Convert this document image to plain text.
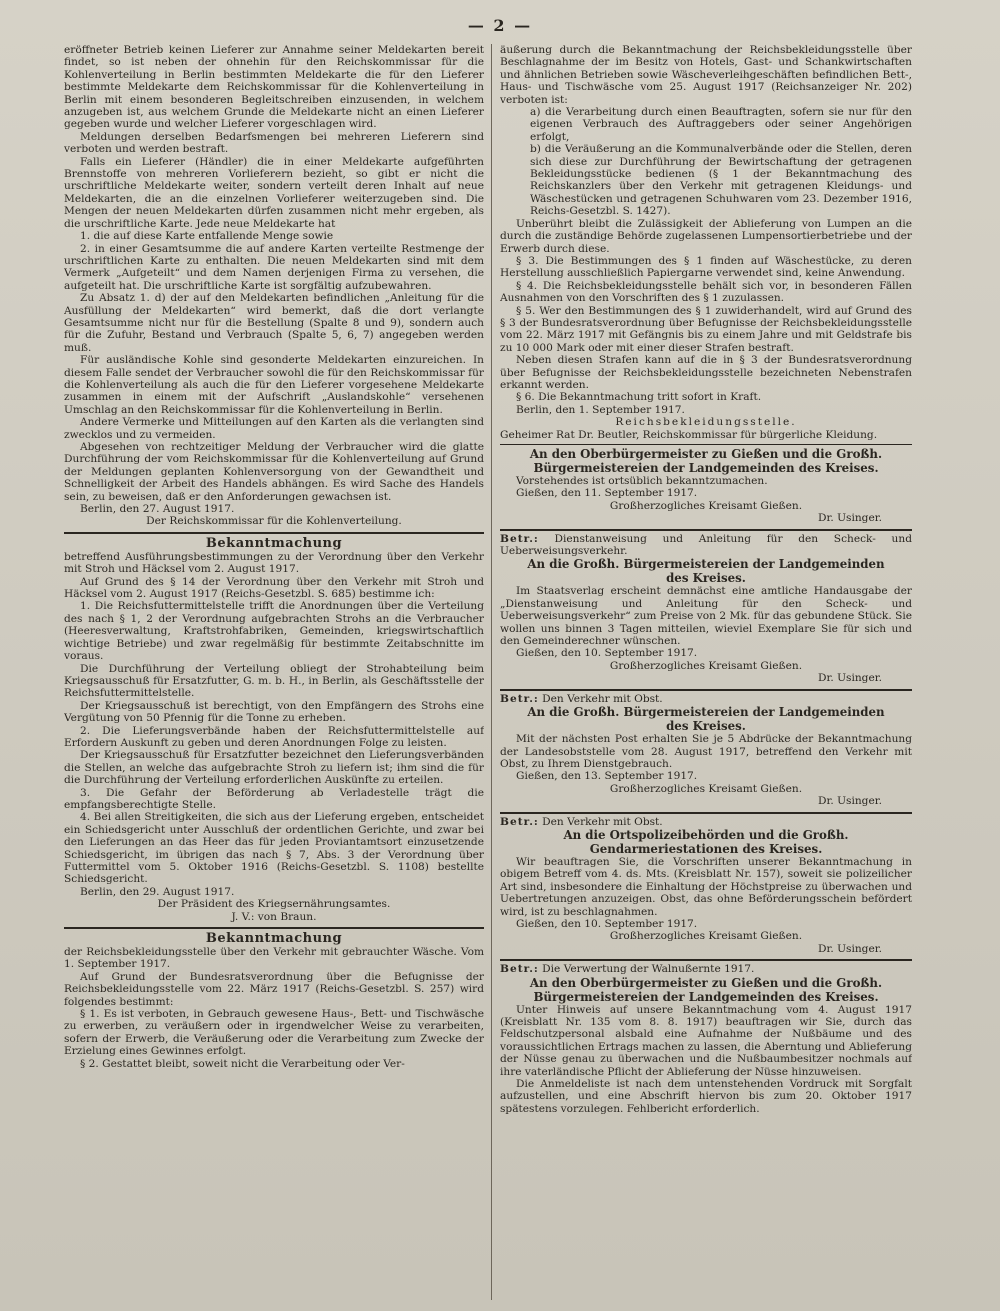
— 2 —

eröffneter Betrieb keinen Lieferer zur Annahme seiner Meldekarten bereit findet, so ist neben der ohnehin für den Reichskommissar für die Kohlenverteilung in Berlin bestimmten Meldekarte die für den Lieferer bestimmte Meldekarte dem Reichskommissar für die Kohlenverteilung in Berlin mit einem besonderen Begleitschreiben einzusenden, in welchem anzugeben ist, aus welchem Grunde die Meldekarte nicht an einen Lieferer gegeben wurde und welcher Lieferer vorgeschlagen wird.

Meldungen derselben Bedarfsmengen bei mehreren Lieferern sind verboten und werden bestraft.

Falls ein Lieferer (Händler) die in einer Meldekarte aufgeführten Brennstoffe von mehreren Vorlieferern bezieht, so gibt er nicht die urschriftliche Meldekarte weiter, sondern verteilt deren Inhalt auf neue Meldekarten, die an die einzelnen Vorlieferer weiterzugeben sind. Die Mengen der neuen Meldekarten dürfen zusammen nicht mehr ergeben, als die urschriftliche Karte. Jede neue Meldekarte hat

1. die auf diese Karte entfallende Menge sowie

2. in einer Gesamtsumme die auf andere Karten verteilte Restmenge der urschriftlichen Karte zu enthalten. Die neuen Meldekarten sind mit dem Vermerk „Aufgeteilt“ und dem Namen derjenigen Firma zu versehen, die aufgeteilt hat. Die urschriftliche Karte ist sorgfältig aufzubewahren.

Zu Absatz 1. d) der auf den Meldekarten befindlichen „Anleitung für die Ausfüllung der Meldekarten“ wird bemerkt, daß die dort verlangte Gesamtsumme nicht nur für die Bestellung (Spalte 8 und 9), sondern auch für die Zufuhr, Bestand und Verbrauch (Spalte 5, 6, 7) angegeben werden muß.

Für ausländische Kohle sind gesonderte Meldekarten einzureichen. In diesem Falle sendet der Verbraucher sowohl die für den Reichskommissar für die Kohlenverteilung als auch die für den Lieferer vorgesehene Meldekarte zusammen in einem mit der Aufschrift „Auslandskohle“ versehenen Umschlag an den Reichskommissar für die Kohlenverteilung in Berlin.

Andere Vermerke und Mitteilungen auf den Karten als die verlangten sind zwecklos und zu vermeiden.

Abgesehen von rechtzeitiger Meldung der Verbraucher wird die glatte Durchführung der vom Reichskommissar für die Kohlenverteilung auf Grund der Meldungen geplanten Kohlenversorgung von der Gewandtheit und Schnelligkeit der Arbeit des Handels abhängen. Es wird Sache des Handels sein, zu beweisen, daß er den Anforderungen gewachsen ist.

Berlin, den 27. August 1917.

Der Reichskommissar für die Kohlenverteilung.

Bekanntmachung

betreffend Ausführungsbestimmungen zu der Verordnung über den Verkehr mit Stroh und Häcksel vom 2. August 1917.

Auf Grund des § 14 der Verordnung über den Verkehr mit Stroh und Häcksel vom 2. August 1917 (Reichs-Gesetzbl. S. 685) bestimme ich:

1. Die Reichsfuttermittelstelle trifft die Anordnungen über die Verteilung des nach § 1, 2 der Verordnung aufgebrachten Strohs an die Verbraucher (Heeresverwaltung, Kraftstrohfabriken, Gemeinden, kriegswirtschaftlich wichtige Betriebe) und zwar regelmäßig für bestimmte Zeitabschnitte im voraus.

Die Durchführung der Verteilung obliegt der Strohabteilung beim Kriegsausschuß für Ersatzfutter, G. m. b. H., in Berlin, als Geschäftsstelle der Reichsfuttermittelstelle.

Der Kriegsausschuß ist berechtigt, von den Empfängern des Strohs eine Vergütung von 50 Pfennig für die Tonne zu erheben.

2. Die Lieferungsverbände haben der Reichsfuttermittelstelle auf Erfordern Auskunft zu geben und deren Anordnungen Folge zu leisten.

Der Kriegsausschuß für Ersatzfutter bezeichnet den Lieferungsverbänden die Stellen, an welche das aufgebrachte Stroh zu liefern ist; ihm sind die für die Durchführung der Verteilung erforderlichen Auskünfte zu erteilen.

3. Die Gefahr der Beförderung ab Verladestelle trägt die empfangsberechtigte Stelle.

4. Bei allen Streitigkeiten, die sich aus der Lieferung ergeben, entscheidet ein Schiedsgericht unter Ausschluß der ordentlichen Gerichte, und zwar bei den Lieferungen an das Heer das für jeden Proviantamtsort einzusetzende Schiedsgericht, im übrigen das nach § 7, Abs. 3 der Verordnung über Futtermittel vom 5. Oktober 1916 (Reichs-Gesetzbl. S. 1108) bestellte Schiedsgericht.

Berlin, den 29. August 1917.

Der Präsident des Kriegsernährungsamtes.

J. V.: von Braun.

Bekanntmachung

der Reichsbekleidungsstelle über den Verkehr mit gebrauchter Wäsche. Vom 1. September 1917.

Auf Grund der Bundesratsverordnung über die Befugnisse der Reichsbekleidungsstelle vom 22. März 1917 (Reichs-Gesetzbl. S. 257) wird folgendes bestimmt:

§ 1. Es ist verboten, in Gebrauch gewesene Haus-, Bett- und Tischwäsche zu erwerben, zu veräußern oder in irgendwelcher Weise zu verarbeiten, sofern der Erwerb, die Veräußerung oder die Verarbeitung zum Zwecke der Erzielung eines Gewinnes erfolgt.

§ 2. Gestattet bleibt, soweit nicht die Verarbeitung oder Ver-

äußerung durch die Bekanntmachung der Reichsbekleidungsstelle über Beschlagnahme der im Besitz von Hotels, Gast- und Schankwirtschaften und ähnlichen Betrieben sowie Wäscheverleihgeschäften befindlichen Bett-, Haus- und Tischwäsche vom 25. August 1917 (Reichsanzeiger Nr. 202) verboten ist:

a) die Verarbeitung durch einen Beauftragten, sofern sie nur für den eigenen Verbrauch des Auftraggebers oder seiner Angehörigen erfolgt,

b) die Veräußerung an die Kommunalverbände oder die Stellen, deren sich diese zur Durchführung der Bewirtschaftung der getragenen Bekleidungsstücke bedienen (§ 1 der Bekanntmachung des Reichskanzlers über den Verkehr mit getragenen Kleidungs- und Wäschestücken und getragenen Schuhwaren vom 23. Dezember 1916, Reichs-Gesetzbl. S. 1427).

Unberührt bleibt die Zulässigkeit der Ablieferung von Lumpen an die durch die zuständige Behörde zugelassenen Lumpensortierbetriebe und der Erwerb durch diese.

§ 3. Die Bestimmungen des § 1 finden auf Wäschestücke, zu deren Herstellung ausschließlich Papiergarne verwendet sind, keine Anwendung.

§ 4. Die Reichsbekleidungsstelle behält sich vor, in besonderen Fällen Ausnahmen von den Vorschriften des § 1 zuzulassen.

§ 5. Wer den Bestimmungen des § 1 zuwiderhandelt, wird auf Grund des § 3 der Bundesratsverordnung über Befugnisse der Reichsbekleidungsstelle vom 22. März 1917 mit Gefängnis bis zu einem Jahre und mit Geldstrafe bis zu 10 000 Mark oder mit einer dieser Strafen bestraft.

Neben diesen Strafen kann auf die in § 3 der Bundesratsverordnung über Befugnisse der Reichsbekleidungsstelle bezeichneten Nebenstrafen erkannt werden.

§ 6. Die Bekanntmachung tritt sofort in Kraft.

Berlin, den 1. September 1917.

Reichsbekleidungsstelle.

Geheimer Rat Dr. Beutler, Reichskommissar für bürgerliche Kleidung.

An den Oberbürgermeister zu Gießen und die Großh.

Bürgermeistereien der Landgemeinden des Kreises.

Vorstehendes ist ortsüblich bekanntzumachen.

Gießen, den 11. September 1917.

Großherzogliches Kreisamt Gießen.

Dr. Usinger.

Betr.: Dienstanweisung und Anleitung für den Scheck- und Ueberweisungsverkehr.

An die Großh. Bürgermeistereien der Landgemeinden

des Kreises.

Im Staatsverlag erscheint demnächst eine amtliche Handausgabe der „Dienstanweisung und Anleitung für den Scheck- und Ueberweisungsverkehr“ zum Preise von 2 Mk. für das gebundene Stück. Sie wollen uns binnen 3 Tagen mitteilen, wieviel Exemplare Sie für sich und den Gemeinderechner wünschen.

Gießen, den 10. September 1917.

Großherzogliches Kreisamt Gießen.

Dr. Usinger.

Betr.: Den Verkehr mit Obst.

An die Großh. Bürgermeistereien der Landgemeinden

des Kreises.

Mit der nächsten Post erhalten Sie je 5 Abdrücke der Bekanntmachung der Landesobststelle vom 28. August 1917, betreffend den Verkehr mit Obst, zu Ihrem Dienstgebrauch.

Gießen, den 13. September 1917.

Großherzogliches Kreisamt Gießen.

Dr. Usinger.

Betr.: Den Verkehr mit Obst.

An die Ortspolizeibehörden und die Großh. Gendarmeriestationen des Kreises.

Wir beauftragen Sie, die Vorschriften unserer Bekanntmachung in obigem Betreff vom 4. ds. Mts. (Kreisblatt Nr. 157), soweit sie polizeilicher Art sind, insbesondere die Einhaltung der Höchstpreise zu überwachen und Uebertretungen anzuzeigen. Obst, das ohne Beförderungsschein befördert wird, ist zu beschlagnahmen.

Gießen, den 10. September 1917.

Großherzogliches Kreisamt Gießen.

Dr. Usinger.

Betr.: Die Verwertung der Walnußernte 1917.

An den Oberbürgermeister zu Gießen und die Großh.

Bürgermeistereien der Landgemeinden des Kreises.

Unter Hinweis auf unsere Bekanntmachung vom 4. August 1917 (Kreisblatt Nr. 135 vom 8. 8. 1917) beauftragen wir Sie, durch das Feldschutzpersonal alsbald eine Aufnahme der Nußbäume und des voraussichtlichen Ertrags machen zu lassen, die Aberntung und Ablieferung der Nüsse genau zu überwachen und die Nußbaumbesitzer nochmals auf ihre vaterländische Pflicht der Ablieferung der Nüsse hinzuweisen.

Die Anmeldeliste ist nach dem untenstehenden Vordruck mit Sorgfalt aufzustellen, und eine Abschrift hiervon bis zum 20. Oktober 1917 spätestens vorzulegen. Fehlbericht erforderlich.
